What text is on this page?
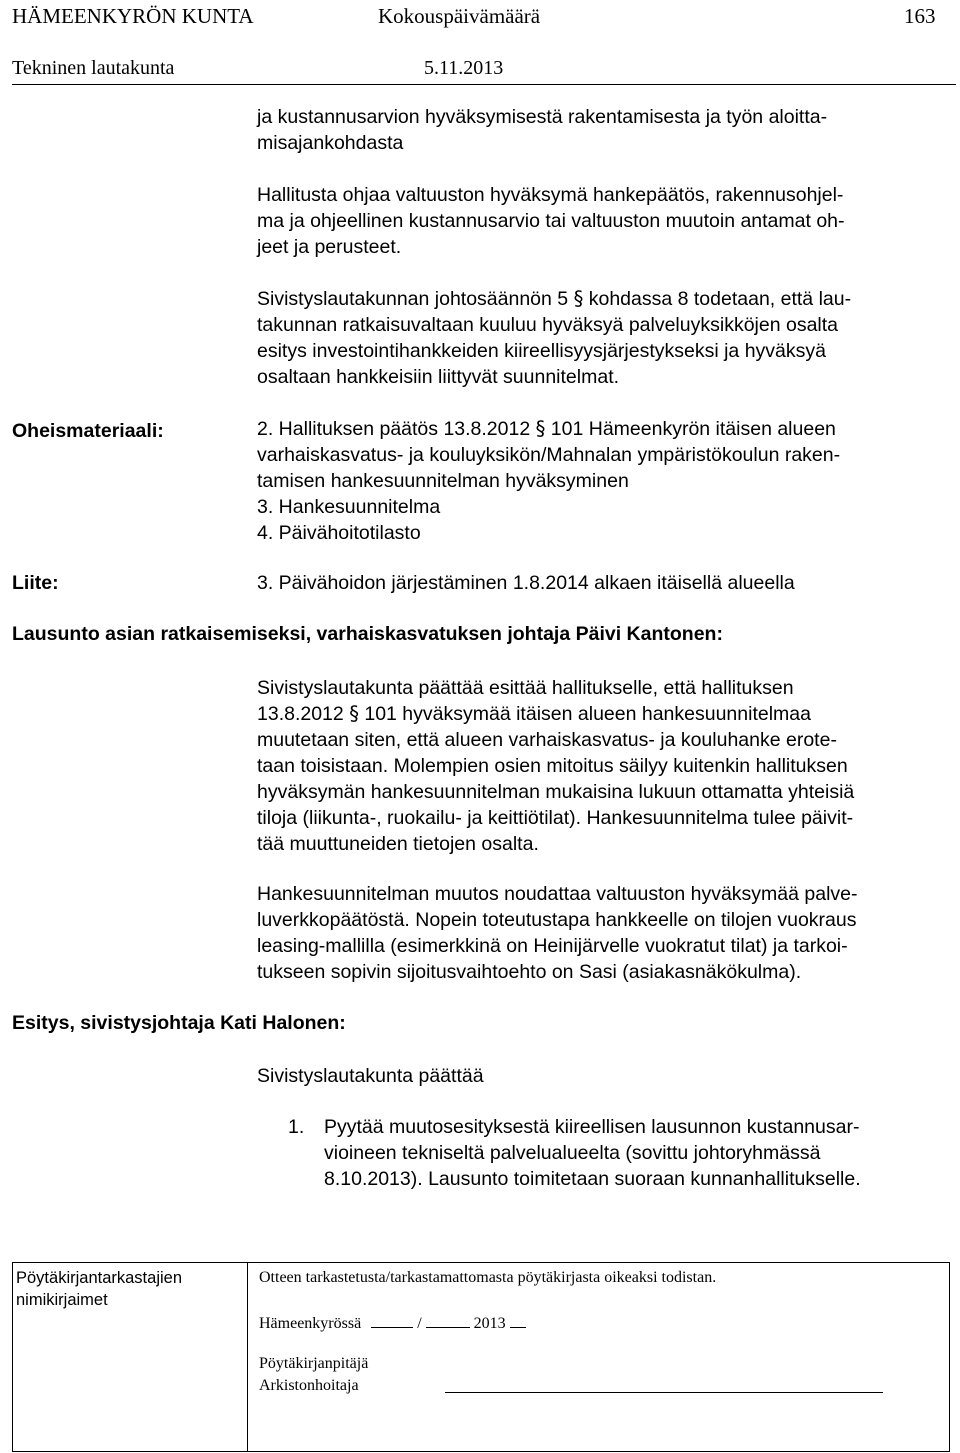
HÄMEENKYRÖN KUNTA	Kokouspäivämäärä	163
Tekninen lautakunta	5.11.2013
ja kustannusarvion hyväksymisestä rakentamisesta ja työn aloitta-
misajankohdasta
Hallitusta ohjaa valtuuston hyväksymä hankepäätös, rakennusohjel-
ma ja ohjeellinen kustannusarvio tai valtuuston muutoin antamat oh-
jeet ja perusteet.
Sivistyslautakunnan johtosäännön 5 § kohdassa 8 todetaan, että lau-
takunnan ratkaisuvaltaan kuuluu hyväksyä palveluyksikköjen osalta
esitys investointihankkeiden kiireellisyysjärjestykseksi ja hyväksyä
osaltaan hankkeisiin liittyvät suunnitelmat.
Oheismateriaali:	2. Hallituksen päätös 13.8.2012 § 101 Hämeenkyrön itäisen alueen
varhaiskasvatus- ja kouluyksikön/Mahnalan ympäristökoulun raken-
tamisen hankesuunnitelman hyväksyminen
3. Hankesuunnitelma
4. Päivähoitotilasto
Liite:	3. Päivähoidon järjestäminen 1.8.2014 alkaen itäisellä alueella
Lausunto asian ratkaisemiseksi, varhaiskasvatuksen johtaja Päivi Kantonen:
Sivistyslautakunta päättää esittää hallitukselle, että hallituksen
13.8.2012 § 101 hyväksymää itäisen alueen hankesuunnitelmaa
muutetaan siten, että alueen varhaiskasvatus- ja kouluhanke erote-
taan toisistaan. Molempien osien mitoitus säilyy kuitenkin hallituksen
hyväksymän hankesuunnitelman mukaisina lukuun ottamatta yhteisiä
tiloja (liikunta-, ruokailu- ja keittiötilat). Hankesuunnitelma tulee päivit-
tää muuttuneiden tietojen osalta.
Hankesuunnitelman muutos noudattaa valtuuston hyväksymää palve-
luverkkopäätöstä. Nopein toteutustapa hankkeelle on tilojen vuokraus
leasing-mallilla (esimerkkinä on Heinijärvelle vuokratut tilat) ja tarkoi-
tukseen sopivin sijoitusvaihtoehto on Sasi (asiakasnäkökulma).
Esitys, sivistysjohtaja Kati Halonen:
Sivistyslautakunta päättää
1. Pyytää muutosesityksestä kiireellisen lausunnon kustannusar-
vioineen tekniseltä palvelualueelta (sovittu johtoryhmässä
8.10.2013). Lausunto toimitetaan suoraan kunnanhallitukselle.
Pöytäkirjantarkastajien
nimikirjaimet
Otteen tarkastetusta/tarkastamattomasta pöytäkirjasta oikeaksi todistan.
Hämeenkyrössä	/	2013
Pöytäkirjanpitäjä
Arkistonhoitaja
